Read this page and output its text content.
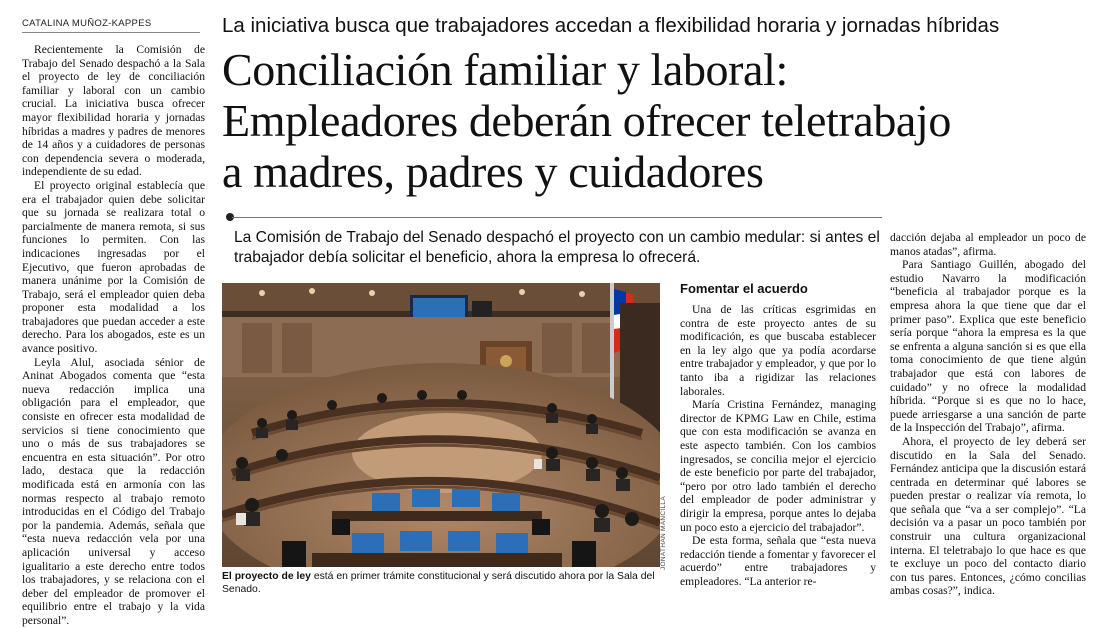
CATALINA MUÑOZ-KAPPES

Recientemente la Comisión de Trabajo del Senado despachó a la Sala el proyecto de ley de conciliación familiar y laboral con un cambio crucial. La iniciativa busca ofrecer mayor flexibilidad horaria y jornadas híbridas a madres y padres de menores de 14 años y a cuidadores de personas con dependencia severa o moderada, independiente de su edad.

El proyecto original establecía que era el trabajador quien debe solicitar que su jornada se realizara total o parcialmente de manera remota, si sus funciones lo permiten. Con las indicaciones ingresadas por el Ejecutivo, que fueron aprobadas de manera unánime por la Comisión de Trabajo, será el empleador quien deba proponer esta modalidad a los trabajadores que puedan acceder a este derecho. Para los abogados, este es un avance positivo.

Leyla Alul, asociada sénior de Aninat Abogados comenta que “esta nueva redacción implica una obligación para el empleador, que consiste en ofrecer esta modalidad de servicios si tiene conocimiento que uno o más de sus trabajadores se encuentra en esta situación”. Por otro lado, destaca que la redacción modificada está en armonía con las normas respecto al trabajo remoto introducidas en el Código del Trabajo por la pandemia. Además, señala que “esta nueva redacción vela por una aplicación universal y acceso igualitario a este derecho entre todos los trabajadores, y se relaciona con el deber del empleador de promover el equilibrio entre el trabajo y la vida personal”.

La iniciativa busca que trabajadores accedan a flexibilidad horaria y jornadas híbridas
Conciliación familiar y laboral:
Empleadores deberán ofrecer teletrabajo
a madres, padres y cuidadores
La Comisión de Trabajo del Senado despachó el proyecto con un cambio medular: si antes el trabajador debía solicitar el beneficio, ahora la empresa lo ofrecerá.
JONATHAN MANCILLA
El proyecto de ley está en primer trámite constitucional y será discutido ahora por la Sala del Senado.
Fomentar el acuerdo

Una de las críticas esgrimidas en contra de este proyecto antes de su modificación, es que buscaba establecer en la ley algo que ya podía acordarse entre trabajador y empleador, y que por lo tanto iba a rigidizar las relaciones laborales.

María Cristina Fernández, managing director de KPMG Law en Chile, estima que con esta modificación se avanza en este aspecto también. Con los cambios ingresados, se concilia mejor el ejercicio de este beneficio por parte del trabajador, “pero por otro lado también el derecho del empleador de poder administrar y dirigir la empresa, porque antes lo dejaba un poco esto a ejercicio del trabajador”.

De esta forma, señala que “esta nueva redacción tiende a fomentar y favorecer el acuerdo” entre trabajadores y empleadores. “La anterior re-

dacción dejaba al empleador un poco de manos atadas”, afirma.

Para Santiago Guillén, abogado del estudio Navarro la modificación “beneficia al trabajador porque es la empresa ahora la que tiene que dar el primer paso”. Explica que este beneficio sería porque “ahora la empresa es la que se enfrenta a alguna sanción si es que ella toma conocimiento de que tiene algún trabajador que está con labores de cuidado” y no ofrece la modalidad híbrida. “Porque si es que no lo hace, puede arriesgarse a una sanción de parte de la Inspección del Trabajo”, afirma.

Ahora, el proyecto de ley deberá ser discutido en la Sala del Senado. Fernández anticipa que la discusión estará centrada en determinar qué labores se pueden prestar o realizar vía remota, lo que señala que “va a ser complejo”. “La decisión va a pasar un poco también por construir una cultura organizacional interna. El teletrabajo lo que hace es que te excluye un poco del contacto diario con tus pares. Entonces, ¿cómo concilias ambas cosas?”, indica.
